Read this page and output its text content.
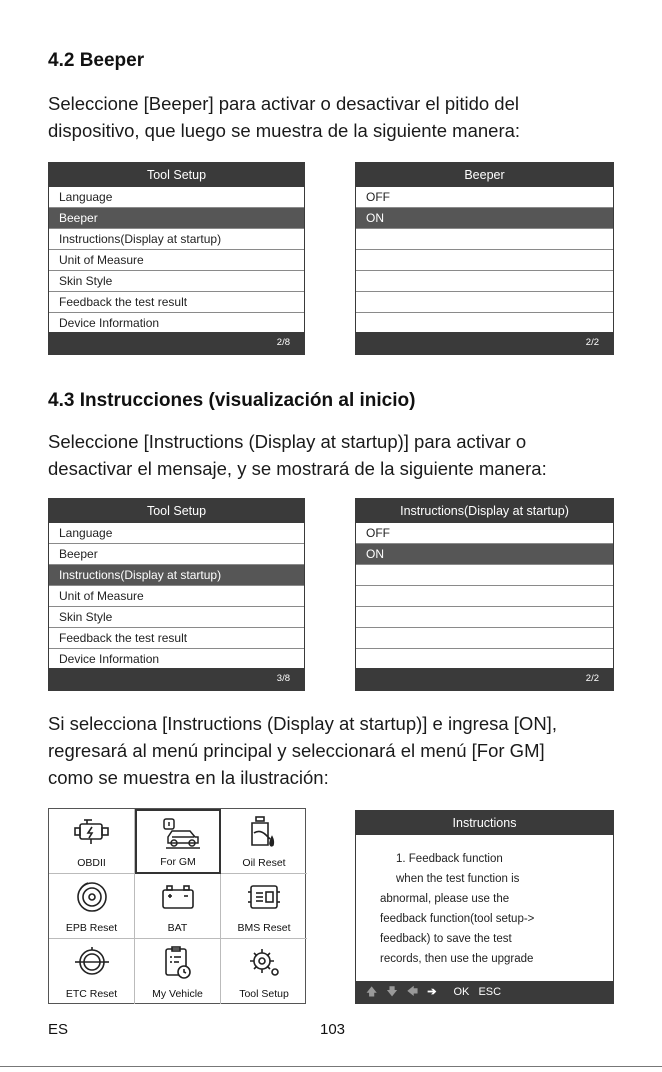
4.2 Beeper

Seleccione [Beeper] para activar o desactivar el pitido del

dispositivo, que luego se muestra de la siguiente manera:

Tool Setup
Language
Beeper
Instructions(Display at startup)
Unit of Measure
Skin Style
Feedback the test result
Device Information
2/8
Beeper
OFF
ON
2/2
4.3 Instrucciones (visualización al inicio)

Seleccione [Instructions (Display at startup)] para activar o

desactivar el mensaje, y se mostrará de la siguiente manera:

Tool Setup
Language
Beeper
Instructions(Display at startup)
Unit of Measure
Skin Style
Feedback the test result
Device Information
3/8
Instructions(Display at startup)
OFF
ON
2/2

Si selecciona [Instructions (Display at startup)] e ingresa [ON],

regresará al menú principal y seleccionará el menú [For GM]

como se muestra en la ilustración:

OBDII	For GM	Oil Reset
EPB Reset	BAT	BMS Reset
ETC Reset	My Vehicle	Tool Setup
Instructions
1. Feedback function
when the test function is
abnormal, please use the
feedback function(tool setup->
feedback) to save the test
records, then use the upgrade
🡅 🡇 🡄 ➔ OK ESC
ES	103
